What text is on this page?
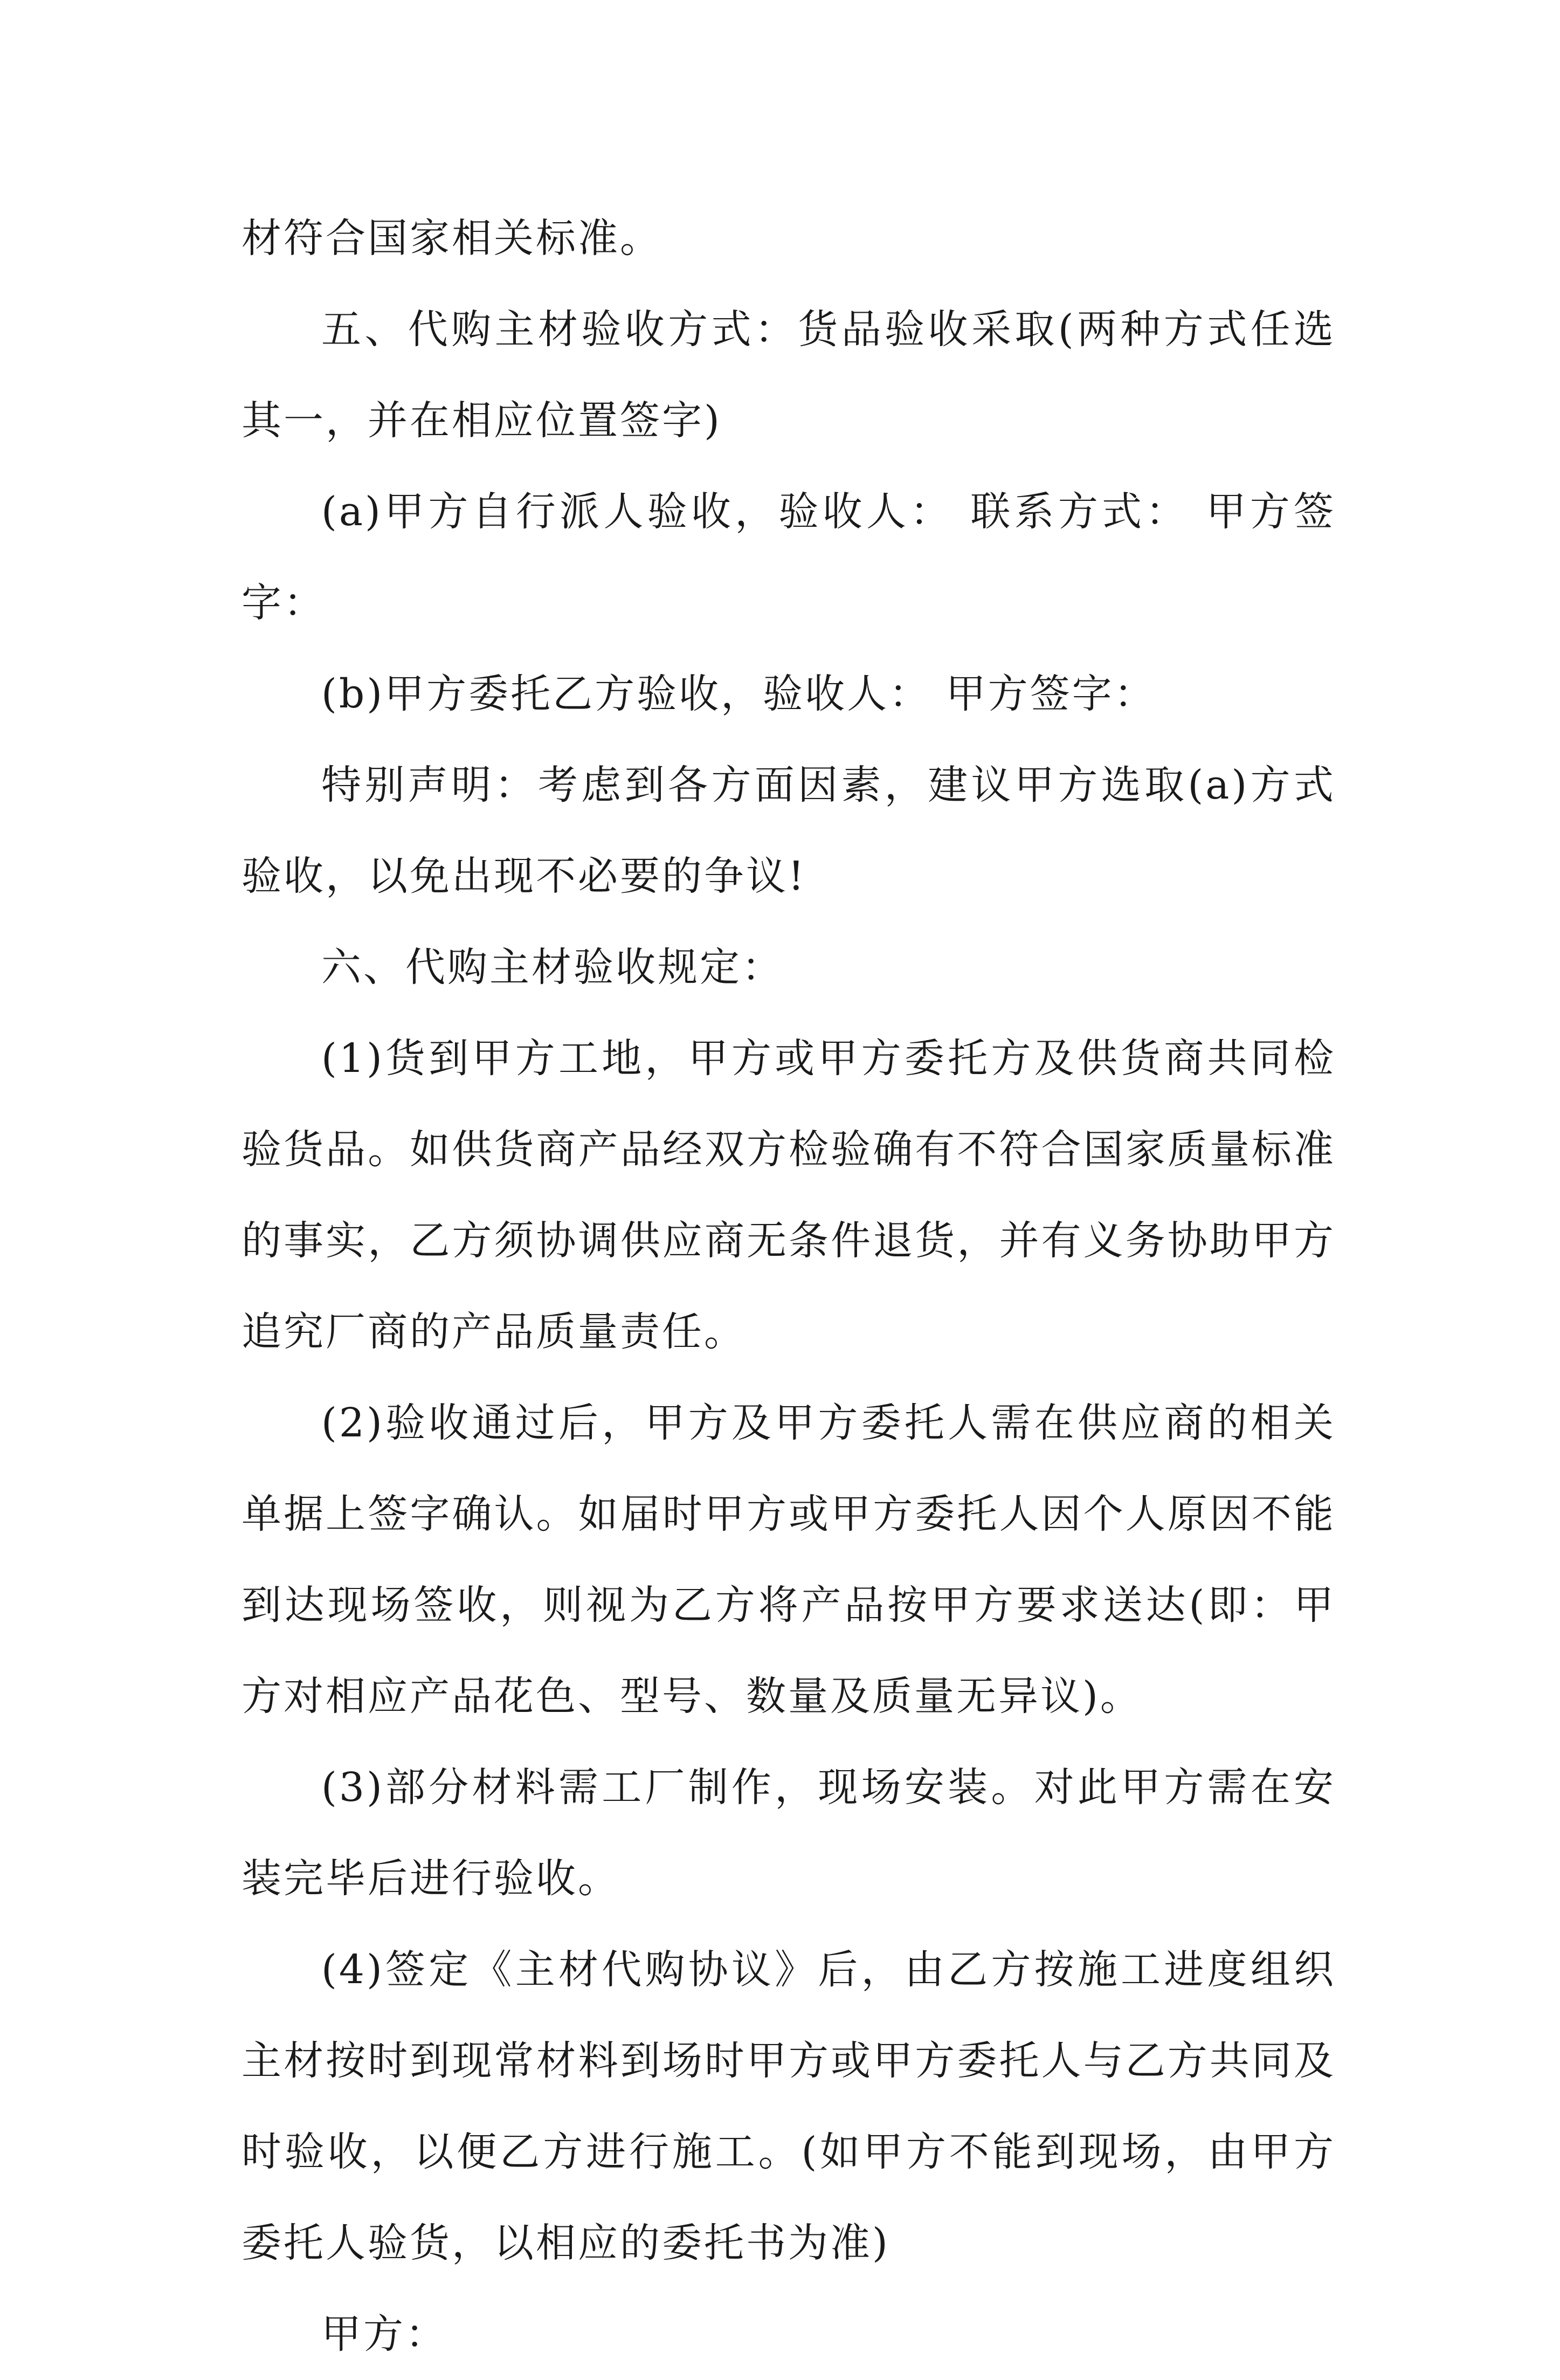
材符合国家相关标准。

五、代购主材验收方式：货品验收采取(两种方式任选其一，并在相应位置签字)

(a)甲方自行派人验收，验收人： 联系方式： 甲方签字：

(b)甲方委托乙方验收，验收人： 甲方签字：

特别声明：考虑到各方面因素，建议甲方选取(a)方式验收，以免出现不必要的争议!

六、代购主材验收规定：

(1)货到甲方工地，甲方或甲方委托方及供货商共同检验货品。如供货商产品经双方检验确有不符合国家质量标准的事实，乙方须协调供应商无条件退货，并有义务协助甲方追究厂商的产品质量责任。

(2)验收通过后，甲方及甲方委托人需在供应商的相关单据上签字确认。如届时甲方或甲方委托人因个人原因不能到达现场签收，则视为乙方将产品按甲方要求送达(即：甲方对相应产品花色、型号、数量及质量无异议)。

(3)部分材料需工厂制作，现场安装。对此甲方需在安装完毕后进行验收。

(4)签定《主材代购协议》后，由乙方按施工进度组织主材按时到现常材料到场时甲方或甲方委托人与乙方共同及时验收，以便乙方进行施工。(如甲方不能到现场，由甲方委托人验货，以相应的委托书为准)

甲方：
